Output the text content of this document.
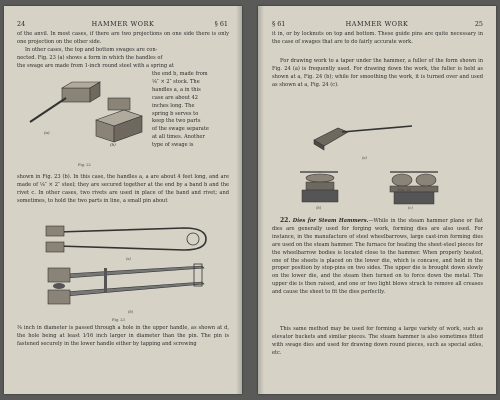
24	HAMMER WORK	§ 61

of the anvil. In most cases, if there are two projections on one side there is only one projection on the other side.

In other cases, the top and bottom swages are con-
nected. Fig. 23 (a) shows a form in which the handles of
the swage are made from 1-inch round steel with a spring at
the end b, made from
⅛″ × 2″ stock. The
handles a, a in this
case are about 42
inches long. The
spring b serves to
keep the two parts
of the swage separate
at all times. Another
type of swage is
(a)
(b)
Fig. 22

shown in Fig. 23 (b). In this case, the handles a, a are about 4 feet long, and are made of ⅛″ × 2″ steel; they are secured together at the end by a band b and the rivet c. In other cases, two rivets are used in place of the band and rivet; and sometimes, to hold the two parts in line, a small pin about

(a)
(b)
Fig. 23

⅜ inch in diameter is passed through a hole in the upper handle, as shown at d, the hole being at least 1⁄16 inch larger in diameter than the pin. The pin is fastened securely in the lower handle either by tapping and screwing

§ 61	HAMMER WORK	25

it in, or by locknuts on top and bottom. These guide pins are quite necessary in the case of swages that are to do fairly accurate work.

For drawing work to a taper under the hammer, a fuller of the form shown in Fig. 24 (a) is frequently used. For drawing down the work, the fuller is held as shown at a, Fig. 24 (b); while for smoothing the work, it is turned over and used as shown at a, Fig. 24 (c).

(a)
(b)	(c)
Fig. 24

22. Dies for Steam Hammers.—While in the steam hammer plane or flat dies are generally used for forging work, forming dies are also used. For instance, in the manufacture of steel wheelbarrows, large cast-iron forming dies are used on the steam hammer. The furnace for heating the sheet-steel pieces for the wheelbarrow bodies is located close to the hammer. When properly heated, one of the sheets is placed on the lower die, which is concave, and held in the proper position by stop-pins on two sides. The upper die is brought down slowly on the lower die, and the steam then turned on to force down the metal. The upper die is then raised, and one or two light blows struck to remove all creases and cause the sheet to fit the dies perfectly.

This same method may be used for forming a large variety of work, such as elevator buckets and similar pieces. The steam hammer is also sometimes fitted with swage dies and used for drawing down round pieces, such as special axles, etc.
